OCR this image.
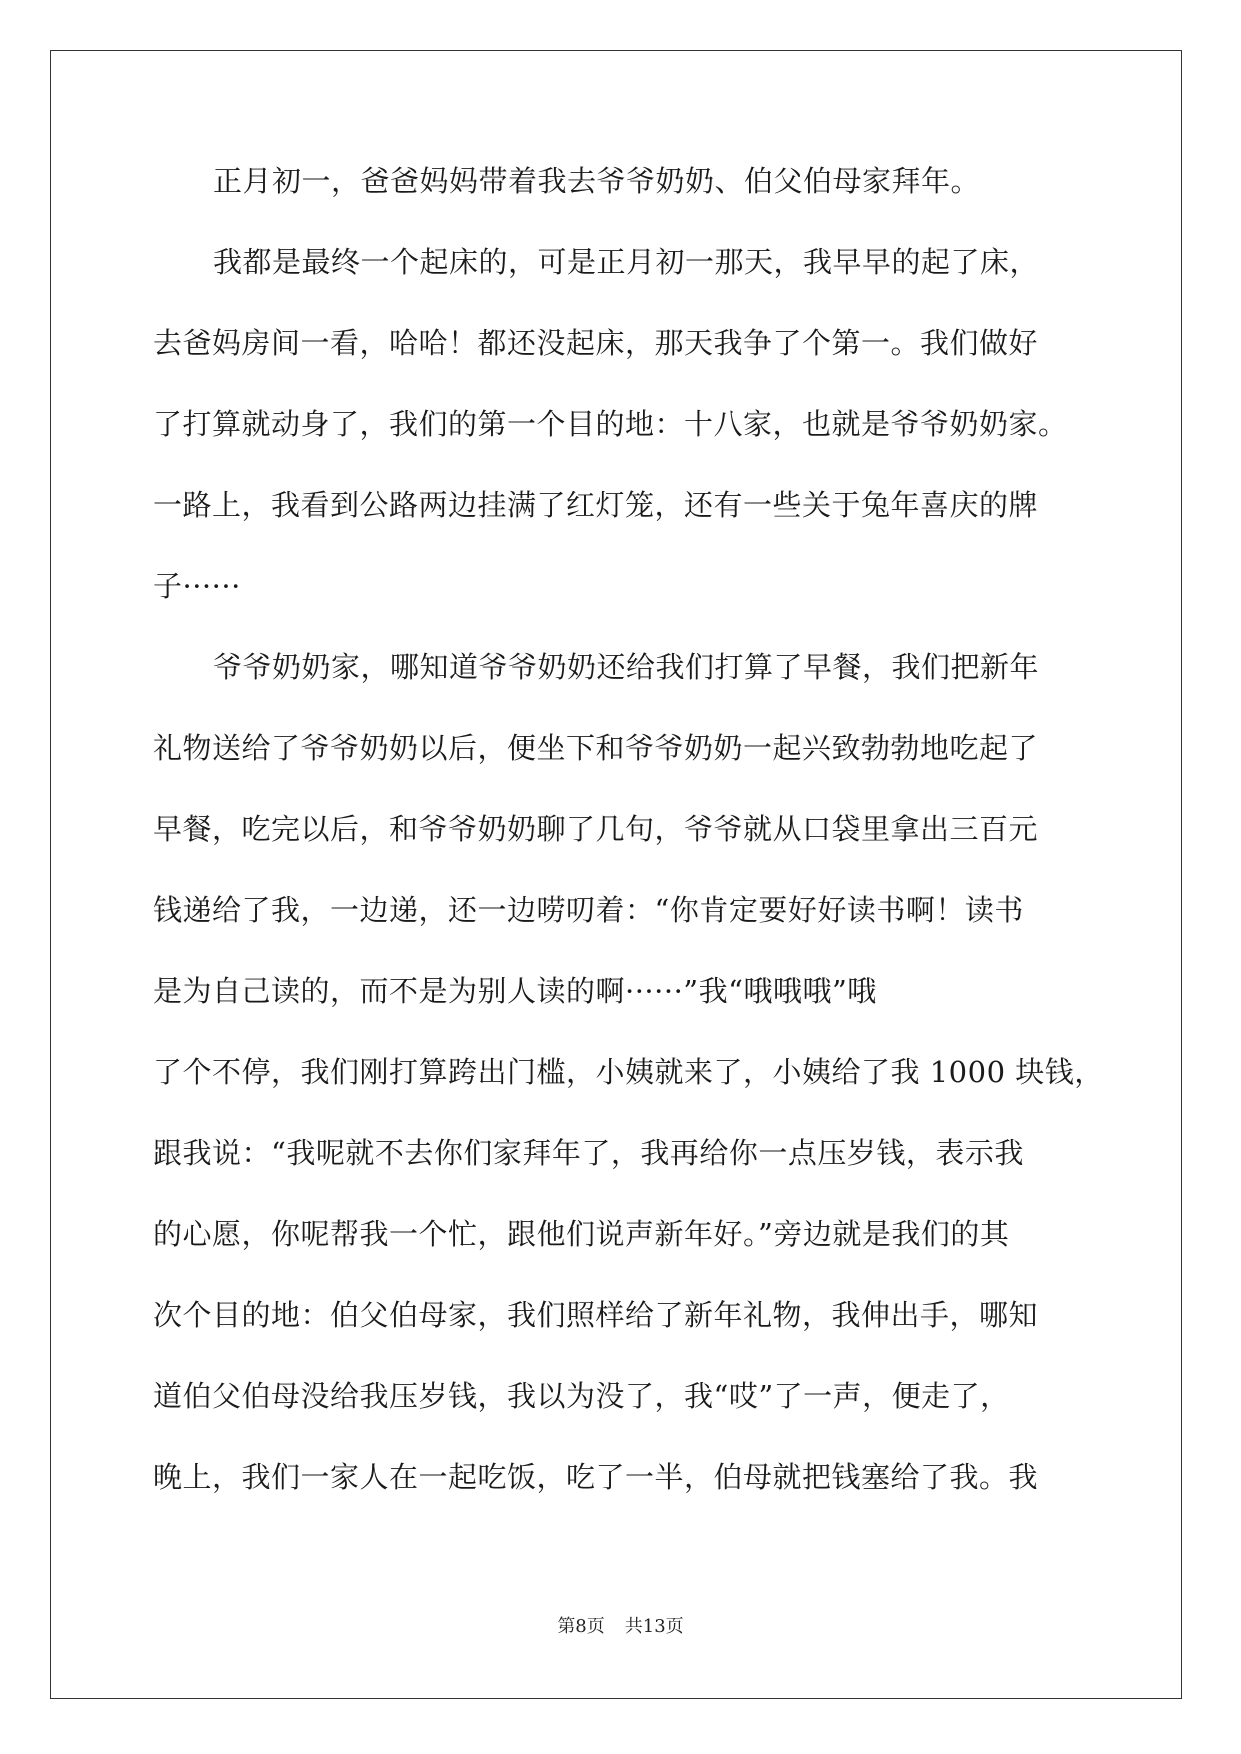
正月初一，爸爸妈妈带着我去爷爷奶奶、伯父伯母家拜年。
我都是最终一个起床的，可是正月初一那天，我早早的起了床，
去爸妈房间一看，哈哈！都还没起床，那天我争了个第一。我们做好
了打算就动身了，我们的第一个目的地：十八家，也就是爷爷奶奶家。
一路上，我看到公路两边挂满了红灯笼，还有一些关于兔年喜庆的牌
子······
爷爷奶奶家，哪知道爷爷奶奶还给我们打算了早餐，我们把新年
礼物送给了爷爷奶奶以后，便坐下和爷爷奶奶一起兴致勃勃地吃起了
早餐，吃完以后，和爷爷奶奶聊了几句，爷爷就从口袋里拿出三百元
钱递给了我，一边递，还一边唠叨着：“你肯定要好好读书啊！读书
是为自己读的，而不是为别人读的啊······”我“哦哦哦”哦
了个不停，我们刚打算跨出门槛，小姨就来了，小姨给了我 1000 块钱，
跟我说：“我呢就不去你们家拜年了，我再给你一点压岁钱，表示我
的心愿，你呢帮我一个忙，跟他们说声新年好。”旁边就是我们的其
次个目的地：伯父伯母家，我们照样给了新年礼物，我伸出手，哪知
道伯父伯母没给我压岁钱，我以为没了，我“哎”了一声，便走了，
晚上，我们一家人在一起吃饭，吃了一半，伯母就把钱塞给了我。我
第8页 共13页
